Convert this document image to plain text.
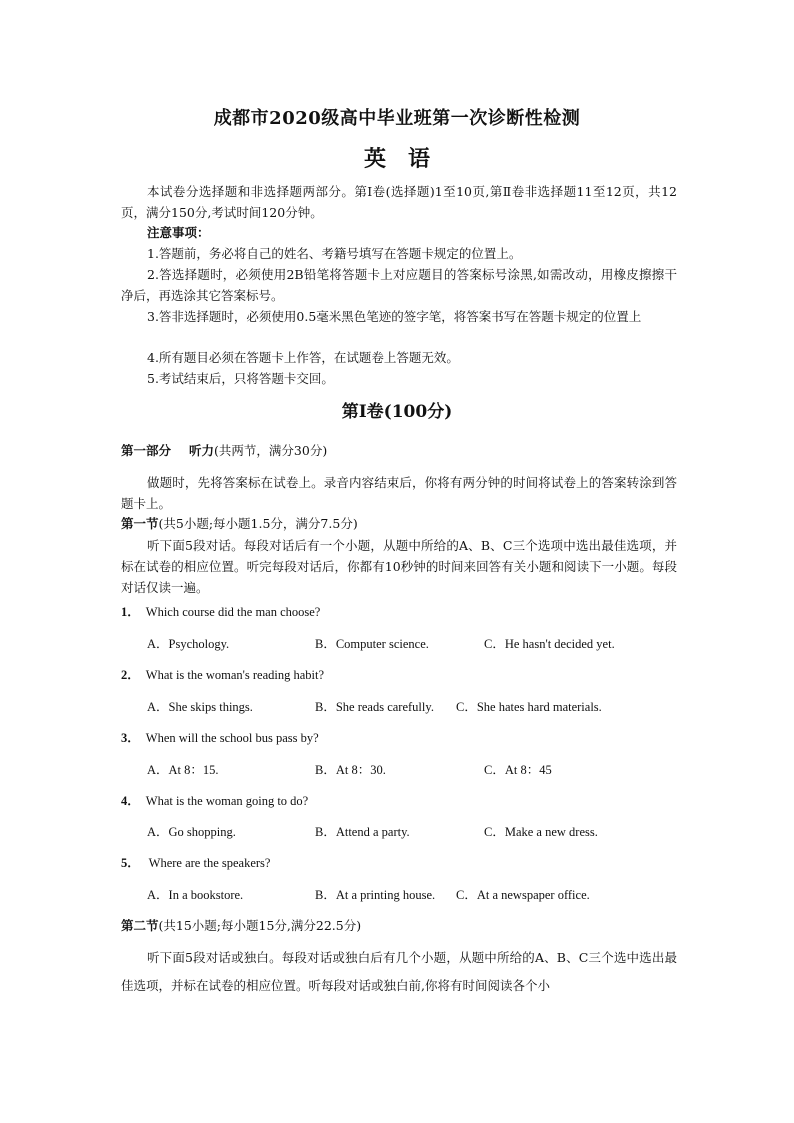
成都市2020级高中毕业班第一次诊断性检测
英语
本试卷分选择题和非选择题两部分。第Ⅰ卷(选择题)1至10页,第Ⅱ卷非选择题11至12页，共12页，满分150分,考试时间120分钟。
注意事项：
1.答题前，务必将自己的姓名、考籍号填写在答题卡规定的位置上。
2.答选择题时，必须使用2B铅笔将答题卡上对应题目的答案标号涂黑,如需改动，用橡皮擦擦干净后，再选涂其它答案标号。
3.答非选择题时，必须使用0.5毫米黑色笔迹的签字笔，将答案书写在答题卡规定的位置上
4.所有题目必须在答题卡上作答，在试题卷上答题无效。
5.考试结束后，只将答题卡交回。
第Ⅰ卷(100分)
第一部分 听力(共两节，满分30分)
做题时，先将答案标在试卷上。录音内容结束后，你将有两分钟的时间将试卷上的答案转涂到答题卡上。
第一节(共5小题;每小题1.5分，满分7.5分)
听下面5段对话。每段对话后有一个小题，从题中所给的A、B、C三个选项中选出最佳选项，并标在试卷的相应位置。听完每段对话后，你都有10秒钟的时间来回答有关小题和阅读下一小题。每段对话仅读一遍。
1． Which course did the man choose?
A．Psychology.	B．Computer science.	C．He hasn't decided yet.
2． What is the woman's reading habit?
A．She skips things.	B．She reads carefully. C．She hates hard materials.
3． When will the school bus pass by?
A．At 8：15.	B．At 8：30.	C．At 8：45
4． What is the woman going to do?
A．Go shopping.	B．Attend a party.	C．Make a new dress.
5． Where are the speakers?
A．In a bookstore.	B．At a printing house. C．At a newspaper office.
第二节(共15小题;每小题15分,满分22.5分)
听下面5段对话或独白。每段对话或独白后有几个小题，从题中所给的A、B、C三个选中选出最佳选项，并标在试卷的相应位置。听每段对话或独白前,你将有时间阅读各个小
